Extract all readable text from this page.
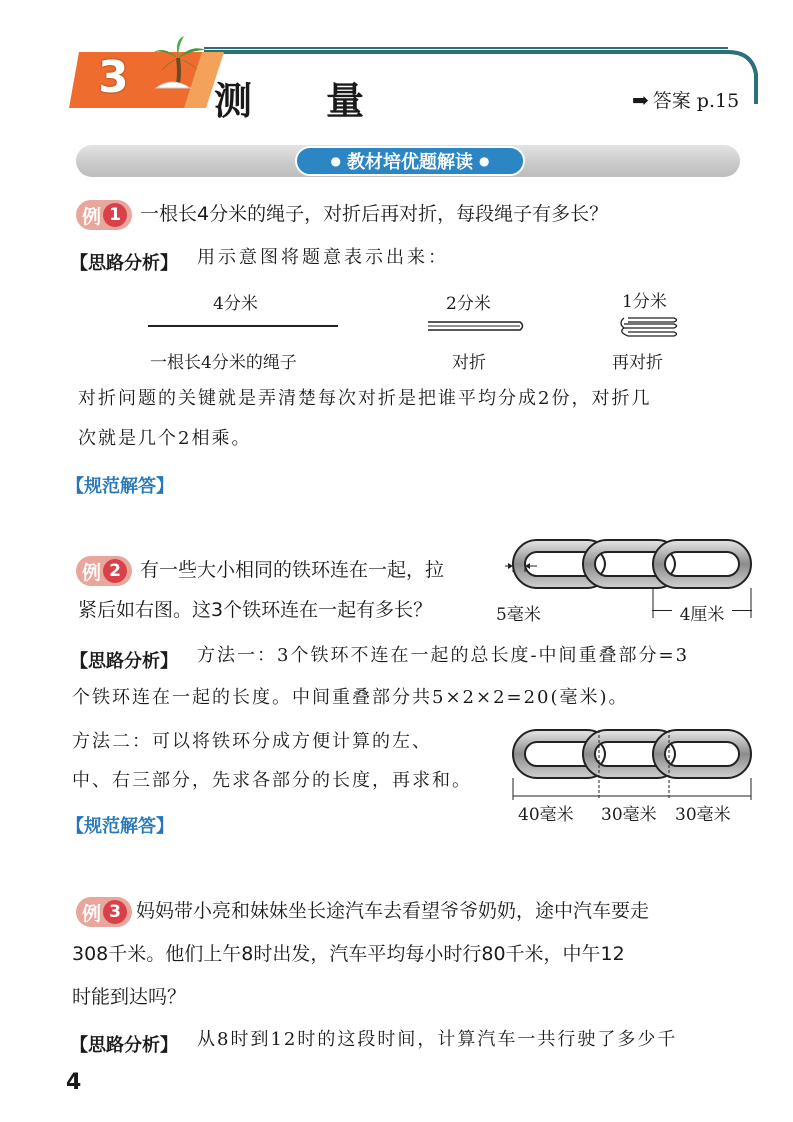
3 测量	➡ 答案 p.15
● 教材培优题解读 ●
例 1	一根长4分米的绳子，对折后再对折，每段绳子有多长？
【思路分析】 用示意图将题意表示出来：
4分米	2分米	1分米
一根长4分米的绳子	对折	再对折
对折问题的关键就是弄清楚每次对折是把谁平均分成2份，对折几
次就是几个2相乘。
【规范解答】
例 2	有一些大小相同的铁环连在一起，拉
紧后如右图。这3个铁环连在一起有多长？	5毫米	4厘米
【思路分析】 方法一：3个铁环不连在一起的总长度-中间重叠部分=3
个铁环连在一起的长度。中间重叠部分共5×2×2=20(毫米)。
方法二：可以将铁环分成方便计算的左、
中、右三部分，先求各部分的长度，再求和。
40毫米 30毫米 30毫米
【规范解答】
例 3 妈妈带小亮和妹妹坐长途汽车去看望爷爷奶奶，途中汽车要走
308千米。他们上午8时出发，汽车平均每小时行80千米，中午12
时能到达吗？
【思路分析】 从8时到12时的这段时间，计算汽车一共行驶了多少千
4
